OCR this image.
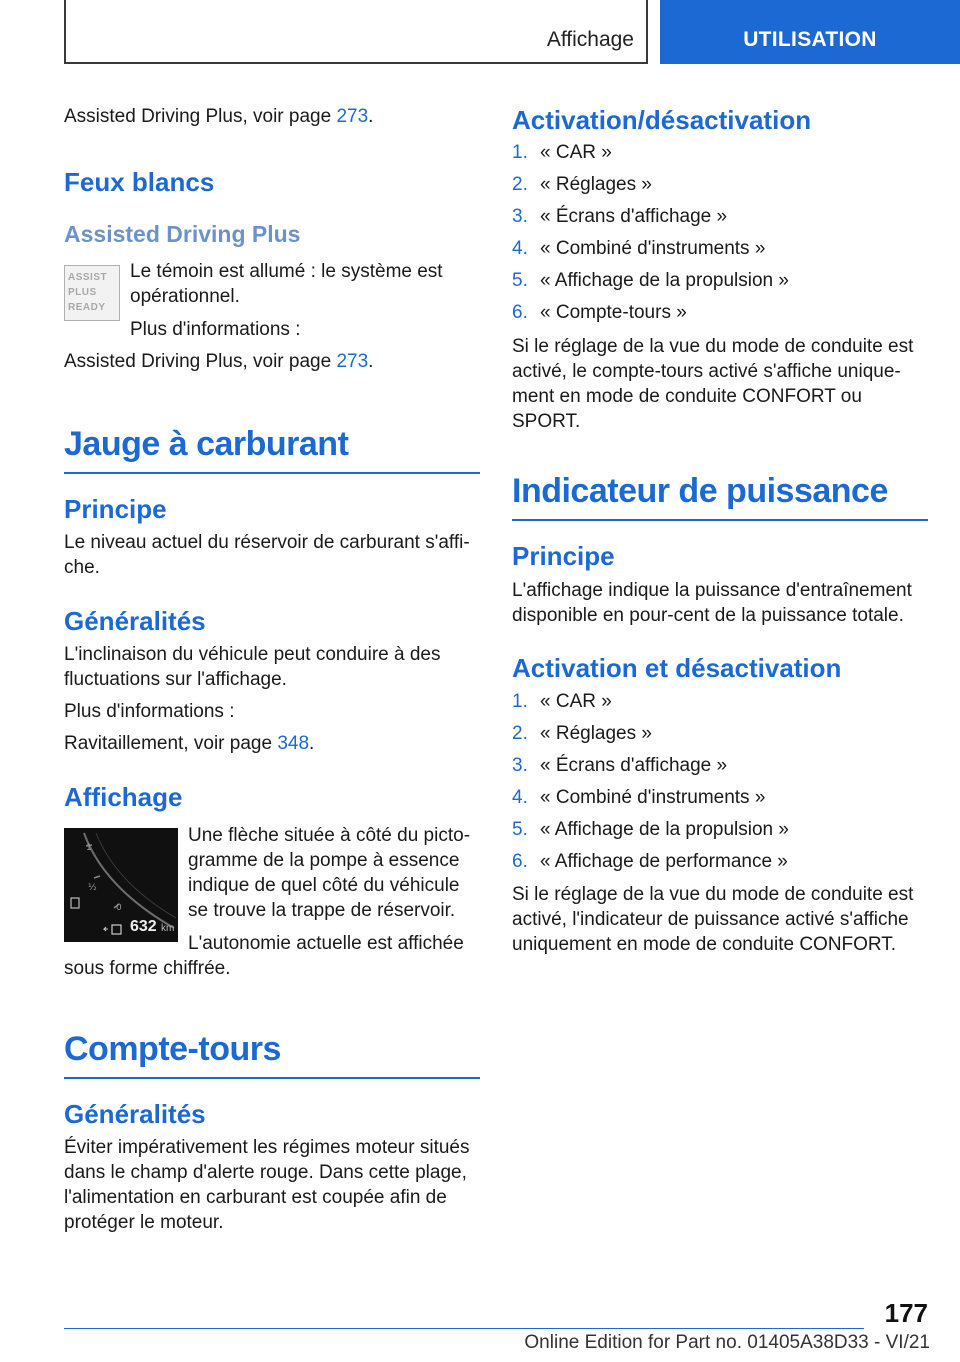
Affichage	UTILISATION

Assisted Driving Plus, voir page 273.

Feux blancs
Assisted Driving Plus
ASSIST PLUS READY

Le témoin est allumé : le système est opérationnel.

Plus d'informations :

Assisted Driving Plus, voir page 273.

Jauge à carburant
Principe

Le niveau actuel du réservoir de carburant s'affiche.

Généralités

L'inclinaison du véhicule peut conduire à des fluctuations sur l'affichage.

Plus d'informations :

Ravitaillement, voir page 348.

Affichage
1
½
0
632 km

Une flèche située à côté du pictogramme de la pompe à essence indique de quel côté du véhicule se trouve la trappe de réservoir.

L'autonomie actuelle est affichée sous forme chiffrée.

Compte-tours
Généralités

Éviter impérativement les régimes moteur situés dans le champ d'alerte rouge. Dans cette plage, l'alimentation en carburant est coupée afin de protéger le moteur.

Activation/désactivation
1. « CAR »
2. « Réglages »
3. « Écrans d'affichage »
4. « Combiné d'instruments »
5. « Affichage de la propulsion »
6. « Compte-tours »

Si le réglage de la vue du mode de conduite est activé, le compte-tours activé s'affiche uniquement en mode de conduite CONFORT ou SPORT.

Indicateur de puissance
Principe

L'affichage indique la puissance d'entraînement disponible en pour-cent de la puissance totale.

Activation et désactivation
1. « CAR »
2. « Réglages »
3. « Écrans d'affichage »
4. « Combiné d'instruments »
5. « Affichage de la propulsion »
6. « Affichage de performance »

Si le réglage de la vue du mode de conduite est activé, l'indicateur de puissance activé s'affiche uniquement en mode de conduite CONFORT.

177
Online Edition for Part no. 01405A38D33 - VI/21
